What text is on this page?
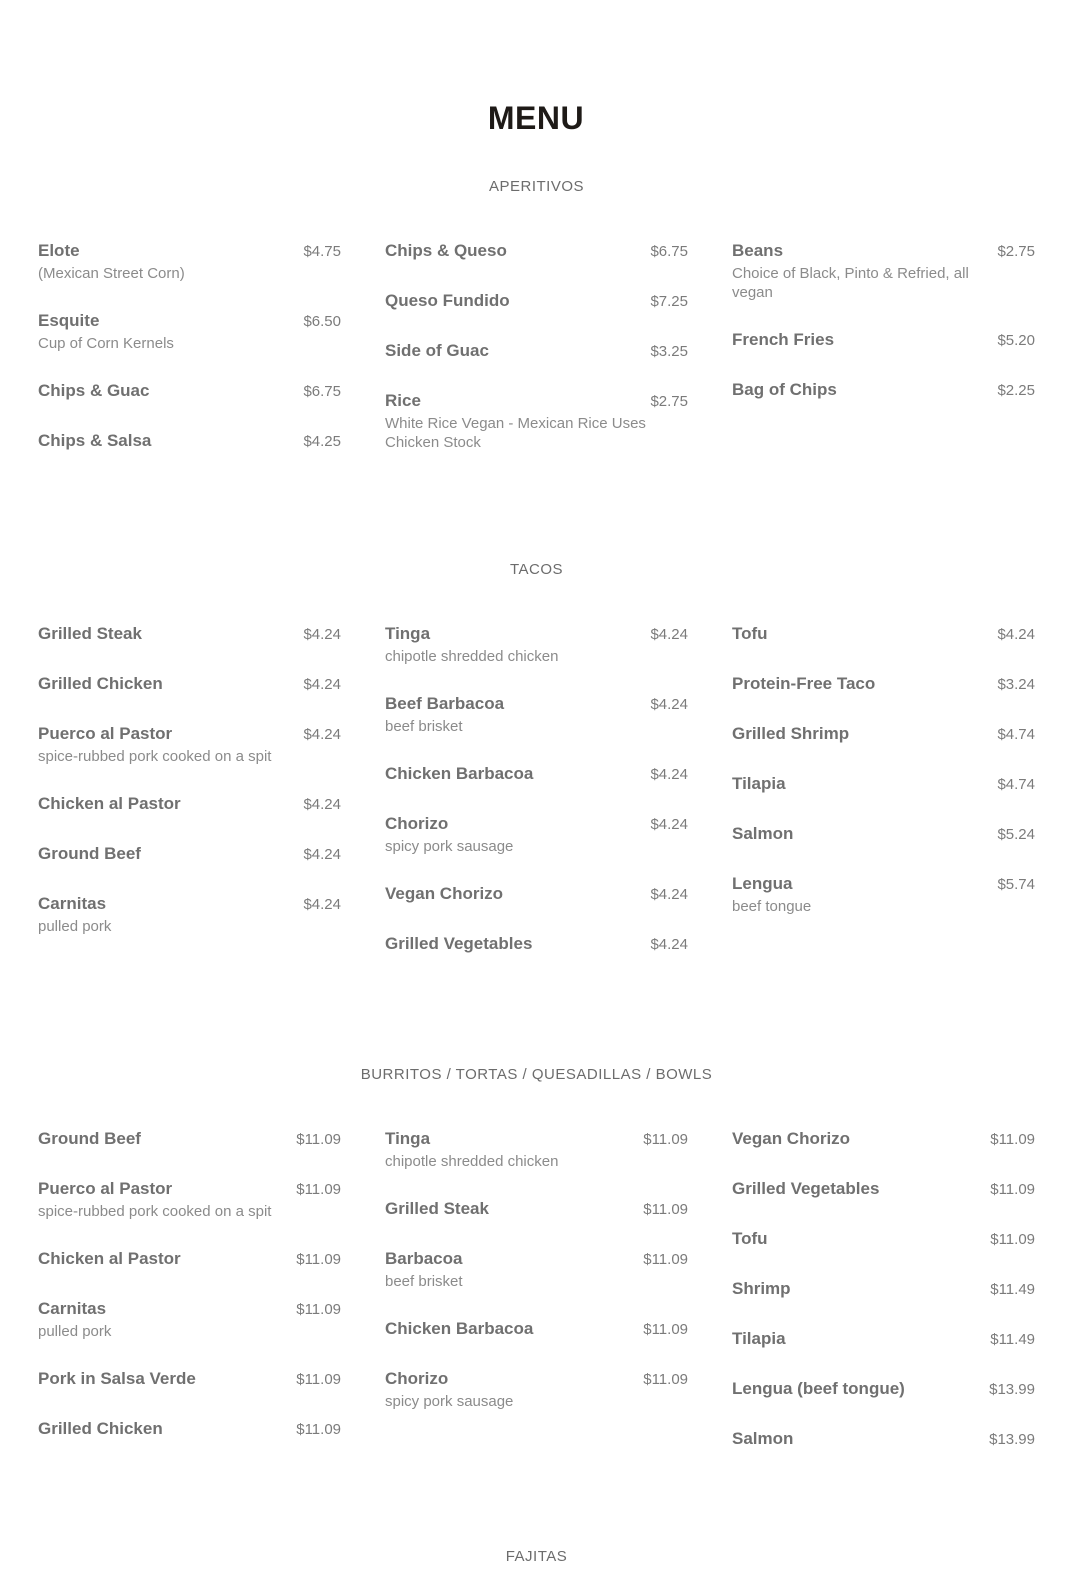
MENU
APERITIVOS
Elote	$4.75
(Mexican Street Corn)
Esquite	$6.50
Cup of Corn Kernels
Chips & Guac	$6.75
Chips & Salsa	$4.25
Chips & Queso	$6.75
Queso Fundido	$7.25
Side of Guac	$3.25
Rice	$2.75
White Rice Vegan - Mexican Rice Uses Chicken Stock
Beans	$2.75
Choice of Black, Pinto & Refried, all vegan
French Fries	$5.20
Bag of Chips	$2.25
TACOS
Grilled Steak	$4.24
Grilled Chicken	$4.24
Puerco al Pastor	$4.24
spice-rubbed pork cooked on a spit
Chicken al Pastor	$4.24
Ground Beef	$4.24
Carnitas	$4.24
pulled pork
Tinga	$4.24
chipotle shredded chicken
Beef Barbacoa	$4.24
beef brisket
Chicken Barbacoa	$4.24
Chorizo	$4.24
spicy pork sausage
Vegan Chorizo	$4.24
Grilled Vegetables	$4.24
Tofu	$4.24
Protein-Free Taco	$3.24
Grilled Shrimp	$4.74
Tilapia	$4.74
Salmon	$5.24
Lengua	$5.74
beef tongue
BURRITOS / TORTAS / QUESADILLAS / BOWLS
Ground Beef	$11.09
Puerco al Pastor	$11.09
spice-rubbed pork cooked on a spit
Chicken al Pastor	$11.09
Carnitas	$11.09
pulled pork
Pork in Salsa Verde	$11.09
Grilled Chicken	$11.09
Tinga	$11.09
chipotle shredded chicken
Grilled Steak	$11.09
Barbacoa	$11.09
beef brisket
Chicken Barbacoa	$11.09
Chorizo	$11.09
spicy pork sausage
Vegan Chorizo	$11.09
Grilled Vegetables	$11.09
Tofu	$11.09
Shrimp	$11.49
Tilapia	$11.49
Lengua (beef tongue)	$13.99
Salmon	$13.99
FAJITAS
